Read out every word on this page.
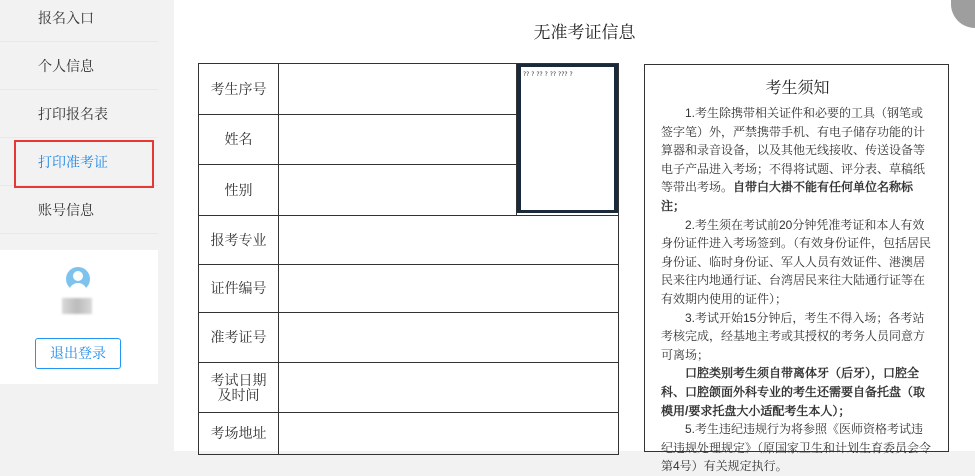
报名入口
个人信息
打印报名表
打印准考证
账号信息
退出登录
无准考证信息
考生序号		?? ? ?? ? ?? ??? ?

姓名		
性别		
报考专业		
证件编号		
准考证号		
考试日期及时间		
考场地址		
考生须知

1.考生除携带相关证件和必要的工具（钢笔或签字笔）外，严禁携带手机、有电子储存功能的计算器和录音设备，以及其他无线接收、传送设备等电子产品进入考场；不得将试题、评分表、草稿纸等带出考场。自带白大褂不能有任何单位名称标注；

2.考生须在考试前20分钟凭准考证和本人有效身份证件进入考场签到。（有效身份证件，包括居民身份证、临时身份证、军人人员有效证件、港澳居民来往内地通行证、台湾居民来往大陆通行证等在有效期内使用的证件）；

3.考试开始15分钟后，考生不得入场；各考站考核完成，经基地主考或其授权的考务人员同意方可离场；

口腔类别考生须自带离体牙（后牙），口腔全科、口腔颌面外科专业的考生还需要自备托盘（取模用/要求托盘大小适配考生本人）；

5.考生违纪违规行为将参照《医师资格考试违纪违规处理规定》（原国家卫生和计划生育委员会令 第4号）有关规定执行。
